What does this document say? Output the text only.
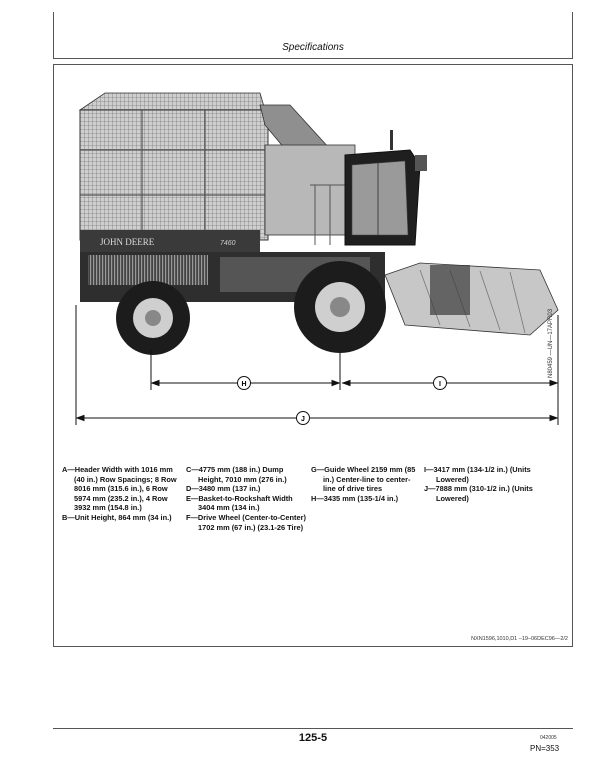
Specifications
JOHN DEERE	7460
H	I
J
N80459 —UN—17APR03
A—Header Width with 1016 mm (40 in.) Row Spacings; 8 Row 8016 mm (315.6 in.), 6 Row 5974 mm (235.2 in.), 4 Row 3932 mm (154.8 in.)
B—Unit Height, 864 mm (34 in.)
C—4775 mm (188 in.) Dump Height, 7010 mm (276 in.)
D—3480 mm (137 in.)
E—Basket-to-Rockshaft Width 3404 mm (134 in.)
F—Drive Wheel (Center-to-Center) 1702 mm (67 in.) (23.1-26 Tire)
G—Guide Wheel 2159 mm (85 in.) Center-line to center-line of drive tires
H—3435 mm (135-1/4 in.)
I—3417 mm (134-1/2 in.) (Units Lowered)
J—7888 mm (310-1/2 in.) (Units Lowered)
NXN1596,1010,D1 –19–06DEC96—2/2
125-5	042005
PN=353
